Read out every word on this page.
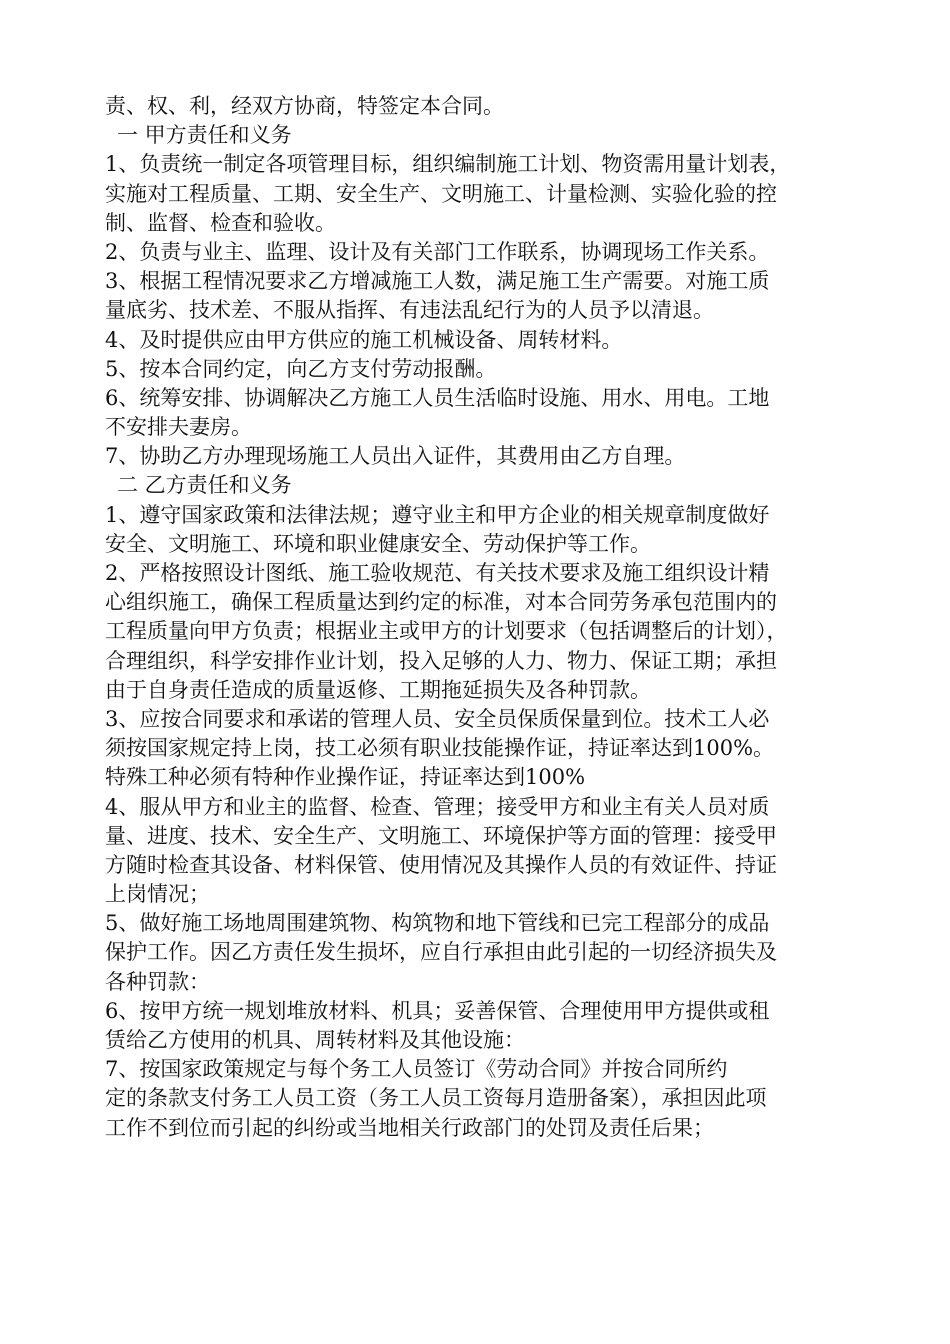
责、权、利，经双方协商，特签定本合同。
一 甲方责任和义务
1、负责统一制定各项管理目标，组织编制施工计划、物资需用量计划表，
实施对工程质量、工期、安全生产、文明施工、计量检测、实验化验的控
制、监督、检查和验收。
2、负责与业主、监理、设计及有关部门工作联系，协调现场工作关系。
3、根据工程情况要求乙方增减施工人数，满足施工生产需要。对施工质
量底劣、技术差、不服从指挥、有违法乱纪行为的人员予以清退。
4、及时提供应由甲方供应的施工机械设备、周转材料。
5、按本合同约定，向乙方支付劳动报酬。
6、统筹安排、协调解决乙方施工人员生活临时设施、用水、用电。工地
不安排夫妻房。
7、协助乙方办理现场施工人员出入证件，其费用由乙方自理。
二 乙方责任和义务
1、遵守国家政策和法律法规；遵守业主和甲方企业的相关规章制度做好
安全、文明施工、环境和职业健康安全、劳动保护等工作。
2、严格按照设计图纸、施工验收规范、有关技术要求及施工组织设计精
心组织施工，确保工程质量达到约定的标准，对本合同劳务承包范围内的
工程质量向甲方负责；根据业主或甲方的计划要求（包括调整后的计划），
合理组织，科学安排作业计划，投入足够的人力、物力、保证工期；承担
由于自身责任造成的质量返修、工期拖延损失及各种罚款。
3、应按合同要求和承诺的管理人员、安全员保质保量到位。技术工人必
须按国家规定持上岗，技工必须有职业技能操作证，持证率达到100%。
特殊工种必须有特种作业操作证，持证率达到100%
4、服从甲方和业主的监督、检查、管理；接受甲方和业主有关人员对质
量、进度、技术、安全生产、文明施工、环境保护等方面的管理：接受甲
方随时检查其设备、材料保管、使用情况及其操作人员的有效证件、持证
上岗情况；
5、做好施工场地周围建筑物、构筑物和地下管线和已完工程部分的成品
保护工作。因乙方责任发生损坏，应自行承担由此引起的一切经济损失及
各种罚款：
6、按甲方统一规划堆放材料、机具；妥善保管、合理使用甲方提供或租
赁给乙方使用的机具、周转材料及其他设施：
7、按国家政策规定与每个务工人员签订《劳动合同》并按合同所约
定的条款支付务工人员工资（务工人员工资每月造册备案），承担因此项
工作不到位而引起的纠纷或当地相关行政部门的处罚及责任后果；
